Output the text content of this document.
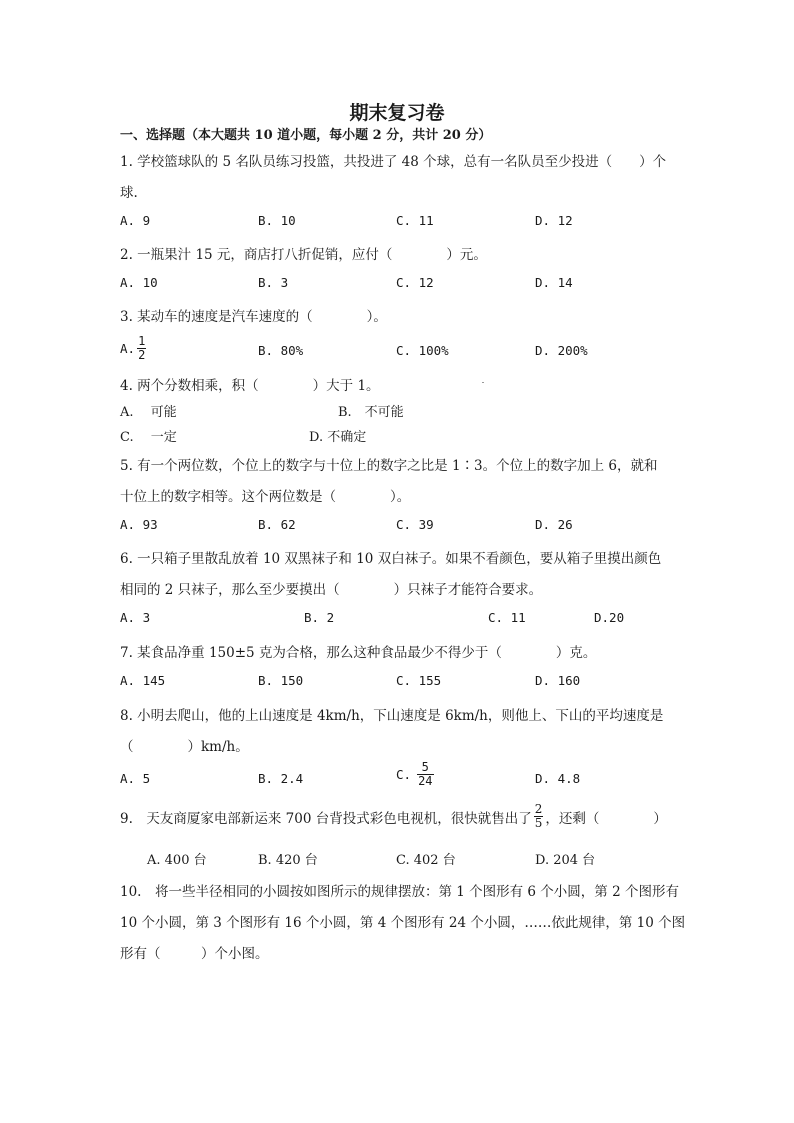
期末复习卷
一、选择题（本大题共 10 道小题，每小题 2 分，共计 20 分）
1. 学校篮球队的 5 名队员练习投篮，共投进了 48 个球，总有一名队员至少投进（　　）个
球.
A. 9	B. 10	C. 11	D. 12
2. 一瓶果汁 15 元，商店打八折促销，应付（　　　　）元。
A. 10	B. 3	C. 12	D. 14
3. 某动车的速度是汽车速度的（　　　　）。
A. $\frac{1}{2}$	B. 80%	C. 100%	D. 200%
4. 两个分数相乘，积（　　　　）大于 1。
A.　 可能	B.　不可能
C.　 一定	D. 不确定
5. 有一个两位数，个位上的数字与十位上的数字之比是 1∶3。个位上的数字加上 6，就和
十位上的数字相等。这个两位数是（　　　　）。
A. 93	B. 62	C. 39	D. 26
6. 一只箱子里散乱放着 10 双黑袜子和 10 双白袜子。如果不看颜色，要从箱子里摸出颜色
相同的 2 只袜子，那么至少要摸出（　　　　）只袜子才能符合要求。
A. 3	B. 2	C. 11	D.20
7. 某食品净重 150±5 克为合格，那么这种食品最少不得少于（　　　　）克。
A. 145	B. 150	C. 155	D. 160
8. 小明去爬山，他的上山速度是 4km/h，下山速度是 6km/h，则他上、下山的平均速度是
（　　　　）km/h。
A. 5	B. 2.4	C. $\frac{5}{24}$	D. 4.8
9.　天友商厦家电部新运来 700 台背投式彩色电视机，很快就售出了 $\frac{2}{5}$ ，还剩（　　　　）
A. 400 台	B. 420 台	C. 402 台	D. 204 台
10.　将一些半径相同的小圆按如图所示的规律摆放：第 1 个图形有 6 个小圆，第 2 个图形有
10 个小圆，第 3 个图形有 16 个小圆，第 4 个图形有 24 个小圆，……依此规律，第 10 个图
形有（　　　）个小图。
